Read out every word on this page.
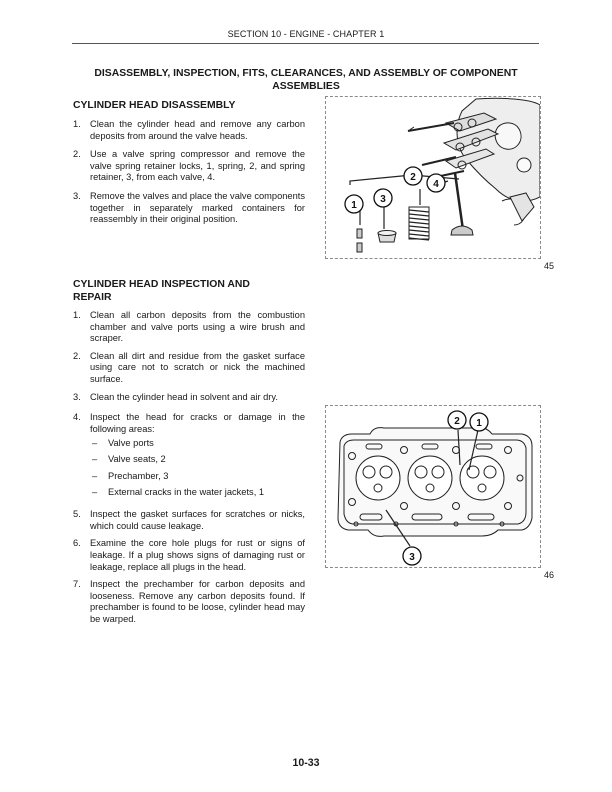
SECTION 10 - ENGINE - CHAPTER 1
DISASSEMBLY, INSPECTION, FITS, CLEARANCES, AND ASSEMBLY OF COMPONENT ASSEMBLIES
CYLINDER HEAD DISASSEMBLY
1. Clean the cylinder head and remove any carbon deposits from around the valve heads.
2. Use a valve spring compressor and remove the valve spring retainer locks, 1, spring, 2, and spring retainer, 3, from each valve, 4.
3. Remove the valves and place the valve components together in separately marked containers for reassembly in their original position.
CYLINDER HEAD INSPECTION AND REPAIR
1. Clean all carbon deposits from the combustion chamber and valve ports using a wire brush and scraper.
2. Clean all dirt and residue from the gasket surface using care not to scratch or nick the machined surface.
3. Clean the cylinder head in solvent and air dry.
4. Inspect the head for cracks or damage in the following areas:
– Valve ports
– Valve seats, 2
– Prechamber, 3
– External cracks in the water jackets, 1
5. Inspect the gasket surfaces for scratches or nicks, which could cause leakage.
6. Examine the core hole plugs for rust or signs of leakage. If a plug shows signs of damaging rust or leakage, replace all plugs in the head.
7. Inspect the prechamber for carbon deposits and looseness. Remove any carbon deposits found. If prechamber is found to be loose, cylinder head may be warped.
1
3
2
4
45
2 1
3
46
10-33
